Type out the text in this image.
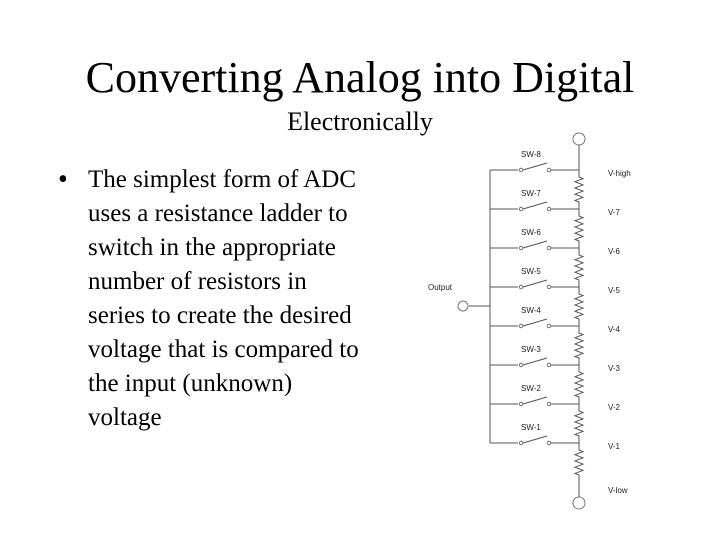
Converting Analog into Digital
Electronically
• The simplest form of ADC uses a resistance ladder to switch in the appropriate number of resistors in series to create the desired voltage that is compared to the input (unknown) voltage
SW-8
SW-7
SW-6
SW-5
SW-4
SW-3
SW-2
SW-1
V-high
V-7
V-6
V-5
V-4
V-3
V-2
V-1
V-low
Output
